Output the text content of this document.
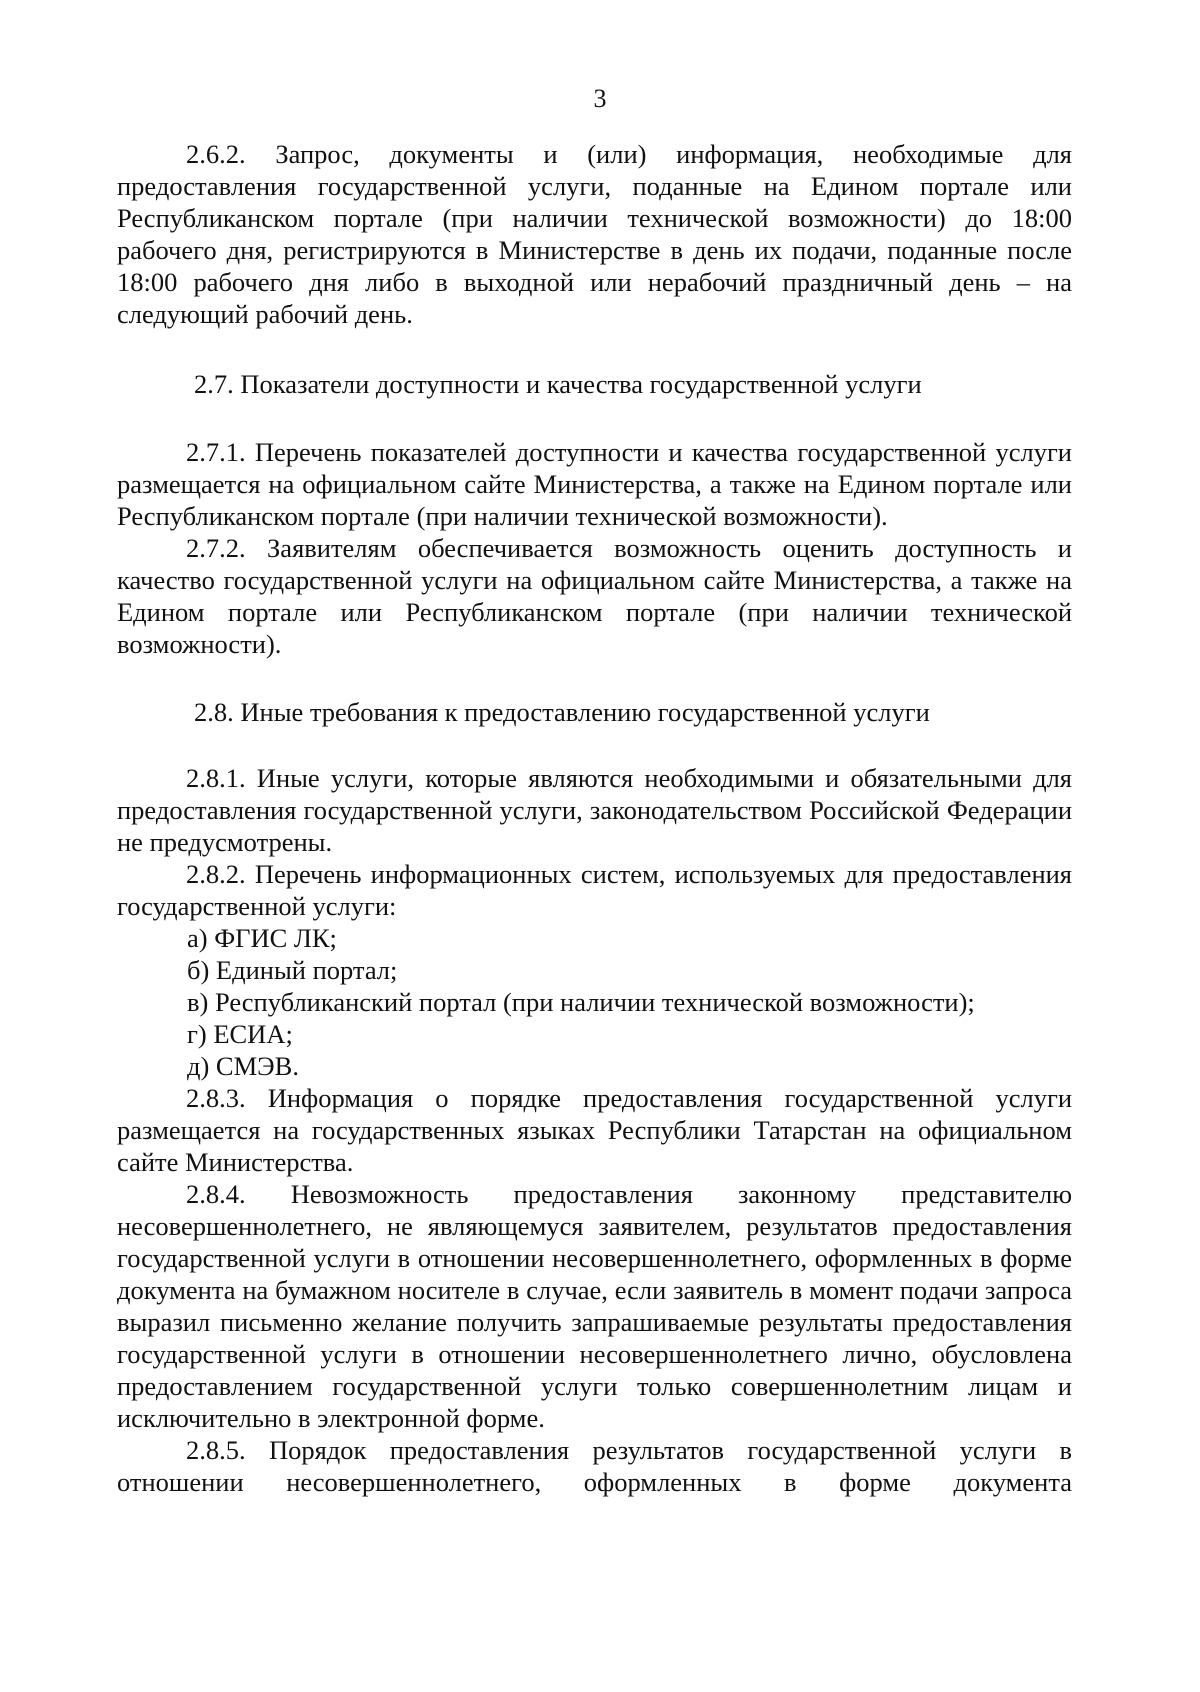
3

2.6.2. Запрос, документы и (или) информация, необходимые для предоставления государственной услуги, поданные на Едином портале или Республиканском портале (при наличии технической возможности) до 18:00 рабочего дня, регистрируются в Министерстве в день их подачи, поданные после 18:00 рабочего дня либо в выходной или нерабочий праздничный день – на следующий рабочий день.

2.7. Показатели доступности и качества государственной услуги

2.7.1. Перечень показателей доступности и качества государственной услуги размещается на официальном сайте Министерства, а также на Едином портале или Республиканском портале (при наличии технической возможности).

2.7.2. Заявителям обеспечивается возможность оценить доступность и качество государственной услуги на официальном сайте Министерства, а также на Едином портале или Республиканском портале (при наличии технической возможности).

2.8. Иные требования к предоставлению государственной услуги

2.8.1. Иные услуги, которые являются необходимыми и обязательными для предоставления государственной услуги, законодательством Российской Федерации не предусмотрены.

2.8.2. Перечень информационных систем, используемых для предоставления государственной услуги:

а) ФГИС ЛК;

б) Единый портал;

в) Республиканский портал (при наличии технической возможности);

г) ЕСИА;

д) СМЭВ.

2.8.3. Информация о порядке предоставления государственной услуги размещается на государственных языках Республики Татарстан на официальном сайте Министерства.

2.8.4. Невозможность предоставления законному представителю несовершеннолетнего, не являющемуся заявителем, результатов предоставления государственной услуги в отношении несовершеннолетнего, оформленных в форме документа на бумажном носителе в случае, если заявитель в момент подачи запроса выразил письменно желание получить запрашиваемые результаты предоставления государственной услуги в отношении несовершеннолетнего лично, обусловлена предоставлением государственной услуги только совершеннолетним лицам и исключительно в электронной форме.

2.8.5. Порядок предоставления результатов государственной услуги в отношении несовершеннолетнего, оформленных в форме документа
